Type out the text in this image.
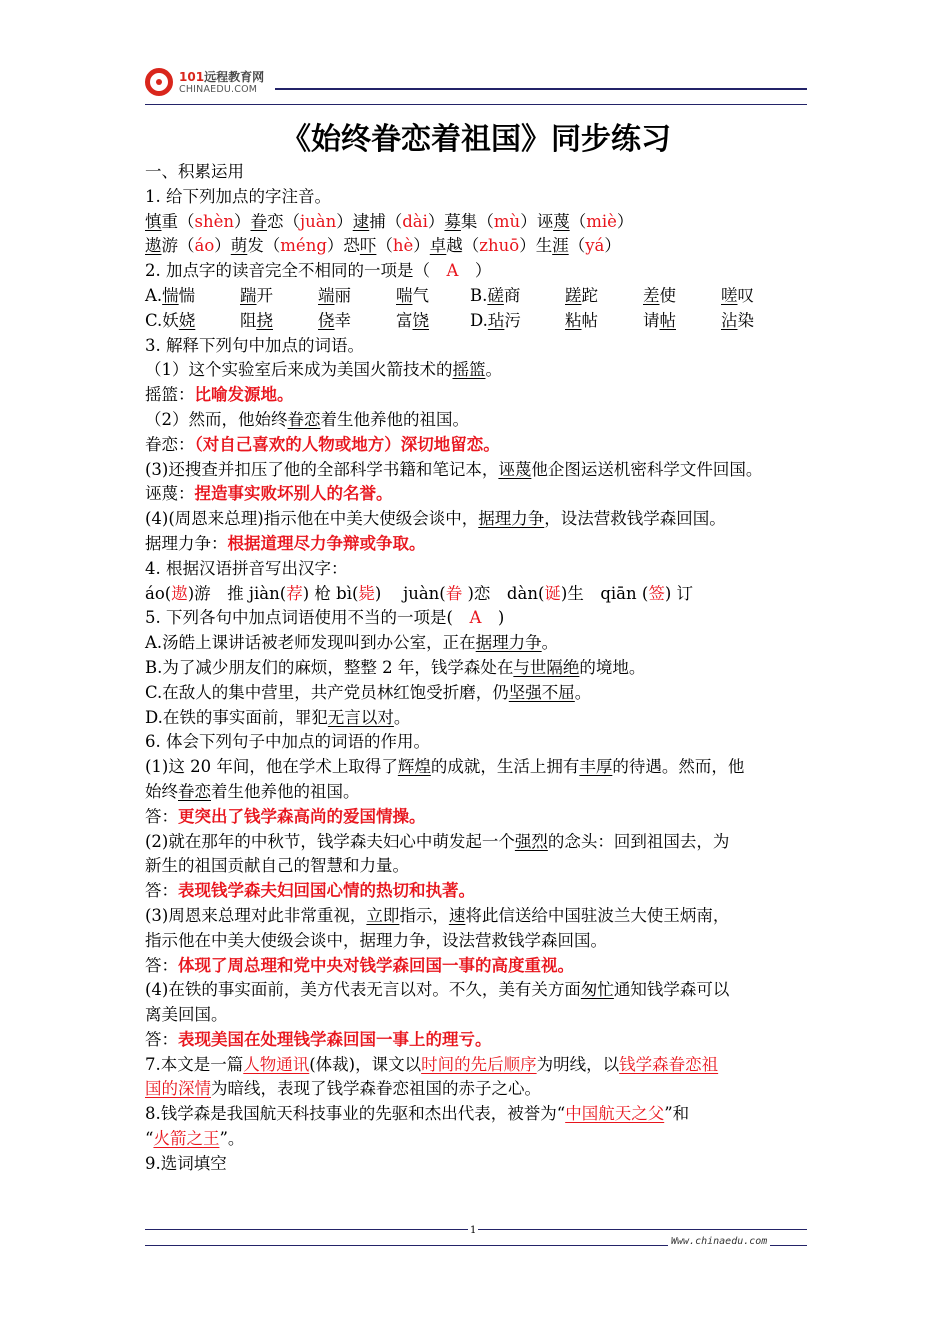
101远程教育网
CHINAEDU.COM
《始终眷恋着祖国》同步练习
一、积累运用
1. 给下列加点的字注音。
慎重（shèn）眷恋（juàn）逮捕（dài）募集（mù）诬蔑（miè）
遨游（áo）萌发（méng）恐吓（hè）卓越（zhuō）生涯（yá）
2. 加点字的读音完全不相同的一项是（　 A　 ）
A.惴惴	踹开	端丽	喘气 B.磋商	蹉跎	差使	嗟叹
C.妖娆	阻挠	侥幸	富饶 D.玷污	粘帖	请帖	沾染
3. 解释下列句中加点的词语。
（1）这个实验室后来成为美国火箭技术的摇篮。
摇篮：比喻发源地。
（2）然而，他始终眷恋着生他养他的祖国。
眷恋：（对自己喜欢的人物或地方）深切地留恋。
(3)还搜查并扣压了他的全部科学书籍和笔记本，诬蔑他企图运送机密科学文件回国。
诬蔑：捏造事实败坏别人的名誉。
(4)(周恩来总理)指示他在中美大使级会谈中，据理力争，设法营救钱学森回国。
据理力争：根据道理尽力争辩或争取。
4. 根据汉语拼音写出汉字：
áo(遨)游　推 jiàn(荐) 枪 bì(毙)　 juàn(眷 )恋　dàn(诞)生　qiān (签) 订
5. 下列各句中加点词语使用不当的一项是(　 A　 )
A.汤皓上课讲话被老师发现叫到办公室，正在据理力争。
B.为了减少朋友们的麻烦，整整 2 年，钱学森处在与世隔绝的境地。
C.在敌人的集中营里，共产党员林红饱受折磨，仍坚强不屈。
D.在铁的事实面前，罪犯无言以对。
6. 体会下列句子中加点的词语的作用。
(1)这 20 年间，他在学术上取得了辉煌的成就，生活上拥有丰厚的待遇。然而，他
始终眷恋着生他养他的祖国。
答：更突出了钱学森高尚的爱国情操。
(2)就在那年的中秋节，钱学森夫妇心中萌发起一个强烈的念头：回到祖国去，为
新生的祖国贡献自己的智慧和力量。
答：表现钱学森夫妇回国心情的热切和执著。
(3)周恩来总理对此非常重视，立即指示，速将此信送给中国驻波兰大使王炳南，
指示他在中美大使级会谈中，据理力争，设法营救钱学森回国。
答：体现了周总理和党中央对钱学森回国一事的高度重视。
(4)在铁的事实面前，美方代表无言以对。不久，美有关方面匆忙通知钱学森可以
离美回国。
答：表现美国在处理钱学森回国一事上的理亏。
7.本文是一篇人物通讯(体裁)，课文以时间的先后顺序为明线，以钱学森眷恋祖
国的深情为暗线，表现了钱学森眷恋祖国的赤子之心。
8.钱学森是我国航天科技事业的先驱和杰出代表，被誉为“中国航天之父”和
“火箭之王”。
9.选词填空
1
Www.chinaedu.com
